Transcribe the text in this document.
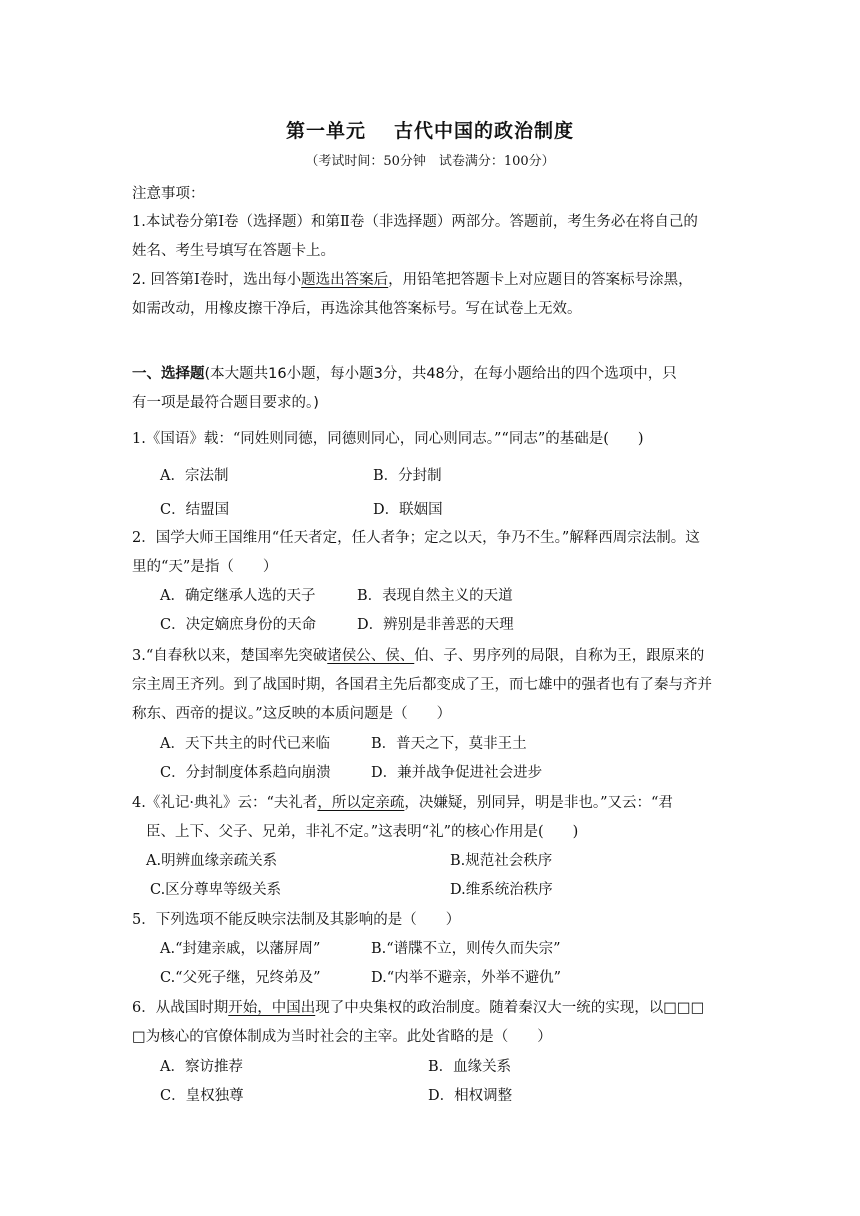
第一单元 古代中国的政治制度
（考试时间：50分钟　试卷满分：100分）
注意事项：
1.本试卷分第Ⅰ卷（选择题）和第Ⅱ卷（非选择题）两部分。答题前，考生务必在将自己的
姓名、考生号填写在答题卡上。
2. 回答第Ⅰ卷时，选出每小题选出答案后，用铅笔把答题卡上对应题目的答案标号涂黑，
如需改动，用橡皮擦干净后，再选涂其他答案标号。写在试卷上无效。
一、选择题(本大题共16小题，每小题3分，共48分，在每小题给出的四个选项中，只
有一项是最符合题目要求的。)
1.《国语》载：“同姓则同德，同德则同心，同心则同志。”“同志”的基础是(　　)
A．宗法制	B．分封制
C．结盟国	D．联姻国
2．国学大师王国维用“任天者定，任人者争；定之以天，争乃不生。”解释西周宗法制。这
里的“天”是指（　　）
A．确定继承人选的天子	B．表现自然主义的天道
C．决定嫡庶身份的天命	D．辨别是非善恶的天理
3.“自春秋以来，楚国率先突破诸侯公、侯、伯、子、男序列的局限，自称为王，跟原来的
宗主周王齐列。到了战国时期，各国君主先后都变成了王，而七雄中的强者也有了秦与齐并
称东、西帝的提议。”这反映的本质问题是（　　）
A．天下共主的时代已来临	B．普天之下，莫非王土
C．分封制度体系趋向崩溃	D．兼并战争促进社会进步
4.《礼记·典礼》云：“夫礼者，所以定亲疏，决嫌疑，别同异，明是非也。”又云：“君
臣、上下、父子、兄弟，非礼不定。”这表明“礼”的核心作用是(　　)
A.明辨血缘亲疏关系	B.规范社会秩序
C.区分尊卑等级关系	D.维系统治秩序
5．下列选项不能反映宗法制及其影响的是（　　）
A.“封建亲戚，以藩屏周”	B.“谱牒不立，则传久而失宗”
C.“父死子继，兄终弟及”	D.“内举不避亲，外举不避仇”
6．从战国时期开始，中国出现了中央集权的政治制度。随着秦汉大一统的实现，以□□□
□为核心的官僚体制成为当时社会的主宰。此处省略的是（　　）
A．察访推荐	B．血缘关系
C．皇权独尊	D．相权调整
